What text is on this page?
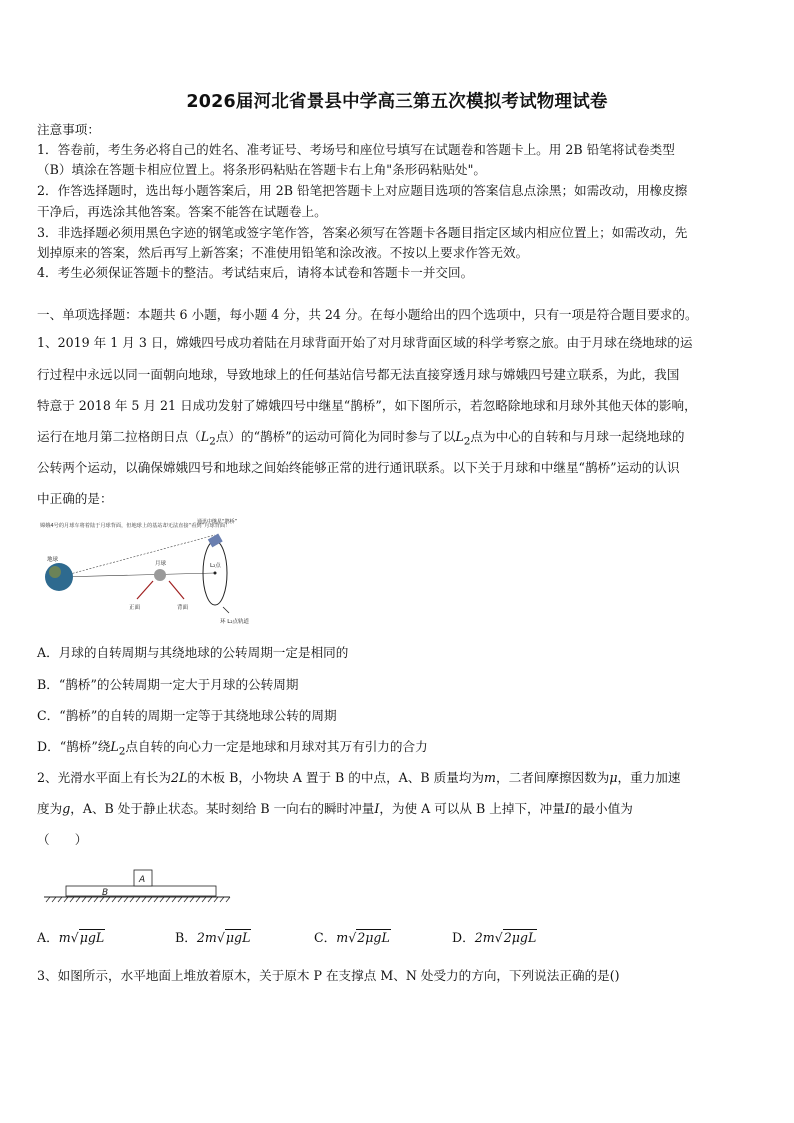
2026届河北省景县中学高三第五次模拟考试物理试卷
注意事项：
1．答卷前，考生务必将自己的姓名、准考证号、考场号和座位号填写在试题卷和答题卡上。用 2B 铅笔将试卷类型
（B）填涂在答题卡相应位置上。将条形码粘贴在答题卡右上角"条形码粘贴处"。
2．作答选择题时，选出每小题答案后，用 2B 铅笔把答题卡上对应题目选项的答案信息点涂黑；如需改动，用橡皮擦
干净后，再选涂其他答案。答案不能答在试题卷上。
3．非选择题必须用黑色字迹的钢笔或签字笔作答，答案必须写在答题卡各题目指定区域内相应位置上；如需改动，先
划掉原来的答案，然后再写上新答案；不准使用铅笔和涂改液。不按以上要求作答无效。
4．考生必须保证答题卡的整洁。考试结束后，请将本试卷和答题卡一并交回。
一、单项选择题：本题共 6 小题，每小题 4 分，共 24 分。在每小题给出的四个选项中，只有一项是符合题目要求的。
1、2019 年 1 月 3 日，嫦娥四号成功着陆在月球背面开始了对月球背面区域的科学考察之旅。由于月球在绕地球的运
行过程中永远以同一面朝向地球，导致地球上的任何基站信号都无法直接穿透月球与嫦娥四号建立联系，为此，我国
特意于 2018 年 5 月 21 日成功发射了嫦娥四号中继星“鹊桥”，如下图所示，若忽略除地球和月球外其他天体的影响，
运行在地月第二拉格朗日点（$L_2$点）的“鹊桥”的运动可简化为同时参与了以$L_2$点为中心的自转和与月球一起绕地球的
公转两个运动，以确保嫦娥四号和地球之间始终能够正常的进行通讯联系。以下关于月球和中继星“鹊桥”运动的认识
中正确的是：
嫦娥4号的月球车将着陆于月球背面，但地球上的基站却无法直接“看到”月球背面！
地球
月球
正面	背面
L₂点
通讯中继星“鹊桥”
环 L₂点轨道
A．月球的自转周期与其绕地球的公转周期一定是相同的
B．“鹊桥”的公转周期一定大于月球的公转周期
C．“鹊桥”的自转的周期一定等于其绕地球公转的周期
D．“鹊桥”绕$L_2$点自转的向心力一定是地球和月球对其万有引力的合力
2、光滑水平面上有长为2L的木板 B，小物块 A 置于 B 的中点，A、B 质量均为m，二者间摩擦因数为μ，重力加速
度为g，A、B 处于静止状态。某时刻给 B 一向右的瞬时冲量I，为使 A 可以从 B 上掉下，冲量I的最小值为
（　　）
B
A
A．m√μgL	B．2m√μgL	C．m√2μgL	D．2m√2μgL
3、如图所示，水平地面上堆放着原木，关于原木 P 在支撑点 M、N 处受力的方向，下列说法正确的是()
